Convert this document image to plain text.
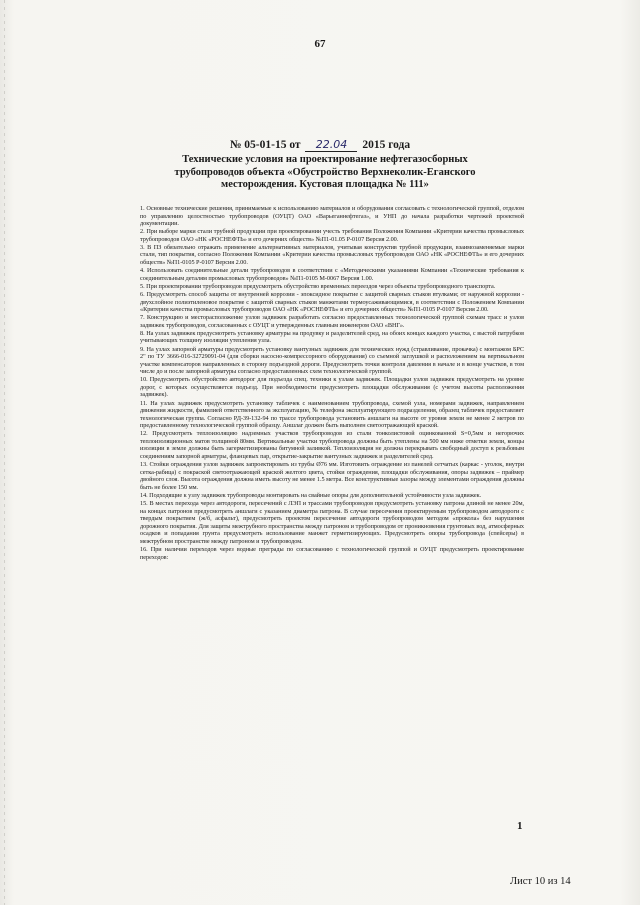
67
№ 05-01-15 от 22.04 2015 года
Технические условия на проектирование нефтегазосборных трубопроводов объекта «Обустройство Верхнеколик-Еганского месторождения. Кустовая площадка № 111»

1. Основные технические решения, принимаемые к использованию материалов и оборудования согласовать с технологической группой, отделом по управлению целостностью трубопроводов (ОУЦТ) ОАО «Варьеганнефтегаз», и УНП до начала разработки чертежей проектной документации.

2. При выборе марки стали трубной продукции при проектировании учесть требования Положения Компании «Критерии качества промысловых трубопроводов ОАО «НК «РОСНЕФТЬ» и его дочерних обществ» №П1-01.05 Р-0107 Версия 2.00.

3. В ПЗ обязательно отражать применение альтернативных материалов, учитывая конструктив трубной продукции, взаимозаменяемые марки стали, тип покрытия, согласно Положения Компании «Критерии качества промысловых трубопроводов ОАО «НК «РОСНЕФТЬ» и его дочерних обществ» №П1-0105 Р-0107 Версия 2.00.

4. Использовать соединительные детали трубопроводов в соответствии с «Методическими указаниями Компании «Технические требования к соединительным деталям промысловых трубопроводов» №П1-0105 М-0067 Версия 1.00.

5. При проектировании трубопроводов предусмотреть обустройство временных переездов через объекты трубопроводного транспорта.

6. Предусмотреть способ защиты от внутренней коррозии - эпоксидное покрытие с защитой сварных стыков втулками; от наружной коррозии - двухслойное полиэтиленовое покрытие с защитой сварных стыков манжетами термоусаживающимися, в соответствии с Положением Компании «Критерии качества промысловых трубопроводов ОАО «НК «РОСНЕФТЬ» и его дочерних обществ» №П1-0105 Р-0107 Версия 2.00.

7. Конструкцию и месторасположение узлов задвижек разработать согласно предоставленных технологической группой схемам трасс и узлов задвижек трубопроводов, согласованных с ОУЦТ и утвержденных главным инженером ОАО «ВНГ».

8. На узлах задвижек предусмотреть установку арматуры на продувку и разделителей сред, на обоих концах каждого участка, с выстой патрубков учитывающих толщину изоляции утепления узла.

9. На узлах запорной арматуры предусмотреть установку вантузных задвижек для технических нужд (стравливание, прокачка) с монтажом БРС 2" по ТУ 3666-016-32729091-04 (для сборки насосно-компрессорного оборудования) со съемной заглушкой и расположением на вертикальном участке компенсаторов направленных в сторону подъездной дороги. Предусмотреть точки контроля давления в начале и в конце участков, в том числе до и после запорной арматуры согласно предоставленных схем технологической группой.

10. Предусмотреть обустройство автодорог для подъезда спец. техники к узлам задвижек. Площадки узлов задвижек предусмотреть на уровне дорог, с которых осуществляется подъезд. При необходимости предусмотреть площадки обслуживания (с учетом высоты расположения задвижек).

11. На узлах задвижек предусмотреть установку табличек с наименованием трубопровода, схемой узла, номерами задвижек, направлением движения жидкости, фамилией ответственного за эксплуатацию, № телефона эксплуатирующего подразделения, образец табличек предоставляет технологическая группа. Согласно РД-39-132-94 по трассе трубопровода установить аншлаги на высоте от уровня земли не менее 2 метров по предоставленному технологической группой образцу. Аншлаг должен быть выполнен светоотражающей краской.

12. Предусмотреть теплоизоляцию надземных участков трубопроводов из стали тонколистовой оцинкованной S=0,5мм и негорючих теплоизоляционных матов толщиной 80мм. Вертикальные участки трубопровода должны быть утеплены на 500 мм ниже отметки земли, концы изоляции в земле должны быть загерметизированы битумной заливкой. Теплоизоляция не должна перекрывать свободный доступ к резьбовым соединениям запорной арматуры, фланцевых пар, открытие-закрытие вантузных задвижек и разделителей сред.

13. Стойки ограждения узлов задвижек запроектировать из трубы Ø76 мм. Изготовить ограждение из панелей сетчатых (каркас - уголок, внутри сетка-рабица) с покраской светоотражающей краской желтого цвета, стойки ограждения, площадки обслуживания, опоры задвижек – праймер двойного слоя. Высота ограждения должна иметь высоту не менее 1.5 метра. Все конструктивные зазоры между элементами ограждения должны быть не более 150 мм.

14. Подходящие к узлу задвижек трубопроводы монтировать на свайные опоры для дополнительной устойчивости узла задвижек.

15. В местах перехода через автодороги, пересечений с ЛЭП и трассами трубопроводов предусмотреть установку патрона длиной не менее 20м, на концах патронов предусмотреть аншлаги с указанием диаметра патрона. В случае пересечения проектируемым трубопроводом автодороги с твердым покрытием (ж/б, асфальт), предусмотреть проектом пересечение автодороги трубопроводом методом «прокола» без нарушения дорожного покрытия. Для защиты межтрубного пространства между патроном и трубопроводом от проникновения грунтовых вод, атмосферных осадков и попадания грунта предусмотреть использование манжет герметизирующих. Предусмотреть опоры трубопровода (спейсеры) в межтрубном пространстве между патроном и трубопроводом.

16. При наличии переходов через водные преграды по согласованию с технологической группой и ОУЦТ предусмотреть проектирование переходов:

1
Лист 10 из 14
